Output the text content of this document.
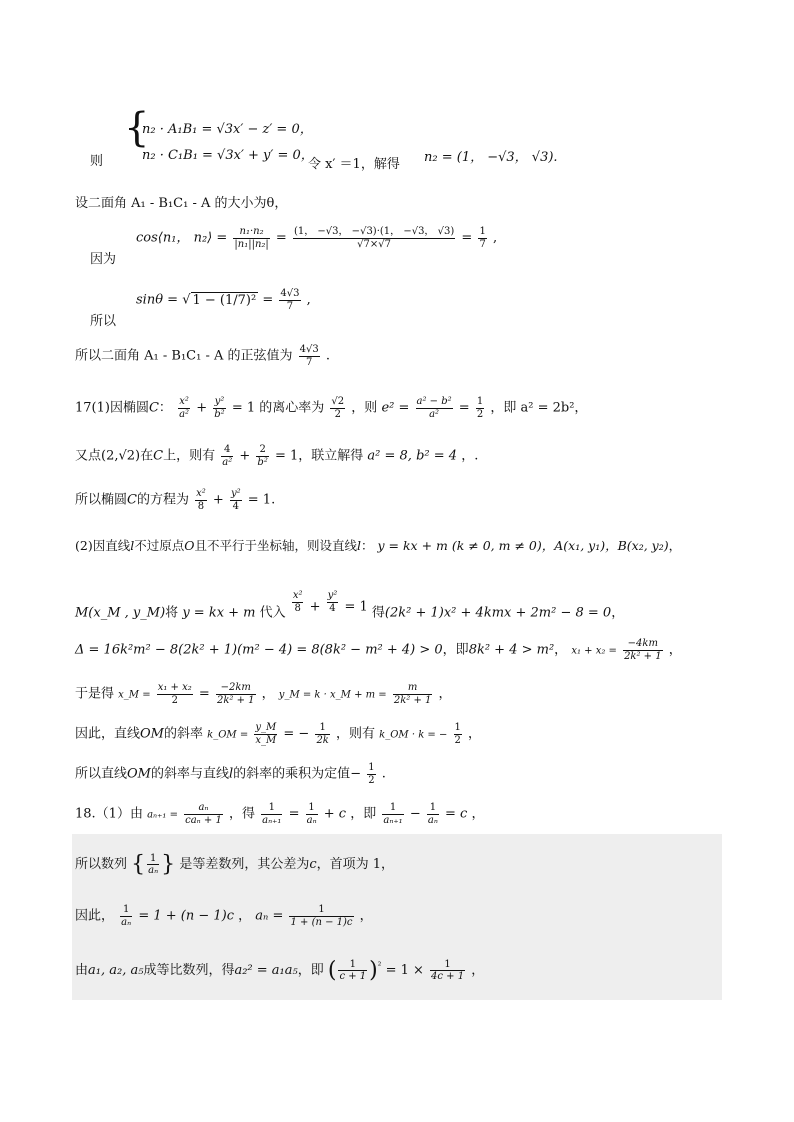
则
{
n₂ · A₁B₁ = √3x′ − z′ = 0，
n₂ · C₁B₁ = √3x′ + y′ = 0，
令 x′ ＝1，解得 n₂ = (1， −√3， √3).
设二面角 A₁ - B₁C₁ - A 的大小为θ，
因为
cos⟨n₁， n₂⟩ = $\frac{\text{n₁·n₂}}{\text{|n₁||n₂|}} = \frac{(1, -√3, -√3)\cdot(1, -√3, √3)}{√7\times√7} = \frac{1}{7}$ ,
所以
sinθ = √ $1 - (1/7)^2 = \frac{4√3}{7}$ ,
所以二面角 A₁ - B₁C₁ - A 的正弦值为 $\frac{4√3}{7}$ .
17(1)因椭圆C： $\frac{\text{x²}}{\text{a²}} + \frac{\text{y²}}{\text{b²}} = 1$ 的离心率为 $\frac{√2}{2}$ ，则 $e^2 = \frac{\text{a² − b²}}{\text{a²}} = \frac{1}{2}$ ，即 a² = 2b²，
又点(2,√2)在C上，则有 $\frac{4}{\text{a²}} + \frac{2}{\text{b²}} = 1$，联立解得 a² = 8, b² = 4 ，.
所以椭圆C的方程为 $\frac{\text{x²}}{8} + \frac{\text{y²}}{4} = 1$.
(2)因直线l不过原点O且不平行于坐标轴，则设直线l： y = kx + m (k ≠ 0, m ≠ 0)，A(x₁, y₁)，B(x₂, y₂)，
M(x_M , y_M)将 y = kx + m 代入 $\frac{\text{x²}}{8} + \frac{\text{y²}}{4} = 1$ 得(2k² + 1)x² + 4kmx + 2m² − 8 = 0，
Δ = 16k²m² − 8(2k² + 1)(m² − 4) = 8(8k² − m² + 4) > 0，即8k² + 4 > m²， $x_1 + x_2 = \frac{-4km}{\text{2k² + 1}}$ ，
于是得 x_M = $\frac{\text{x₁ + x₂}}{2} = \frac{-2km}{\text{2k² + 1}}$ ， y_M = k · x_M + $m = \frac{m}{\text{2k² + 1}}$ ，
因此，直线OM的斜率 k_OM = $\frac{y\_M}{x\_M}$ = − $\frac{1}{2k}$ ，则有 k_OM · k = − $\frac{1}{2}$ ，
所以直线OM的斜率与直线l的斜率的乘积为定值− $\frac{1}{2}$ .
18.（1）由 $a_{n+1} = \frac{\text{aₙ}}{\text{caₙ + 1}}$ ，得 $\frac{1}{\text{aₙ₊₁}} = \frac{1}{\text{aₙ}} + c$ ，即 $\frac{1}{\text{aₙ₊₁}} - \frac{1}{\text{aₙ}} = c$ ，
所以数列 { $\frac{1}{\text{aₙ}}$ } 是等差数列，其公差为c，首项为 1，
因此， $\frac{1}{\text{aₙ}} = 1 + (n - 1)c$ ， $a_n = \frac{1}{1 + (n - 1)c}$ ，
由a₁, a₂, a₅成等比数列，得a₂² = a₁a₅，即 ( $\frac{1}{c + 1} )^{^2} = 1 \times \frac{1}{4c + 1}$ ，
